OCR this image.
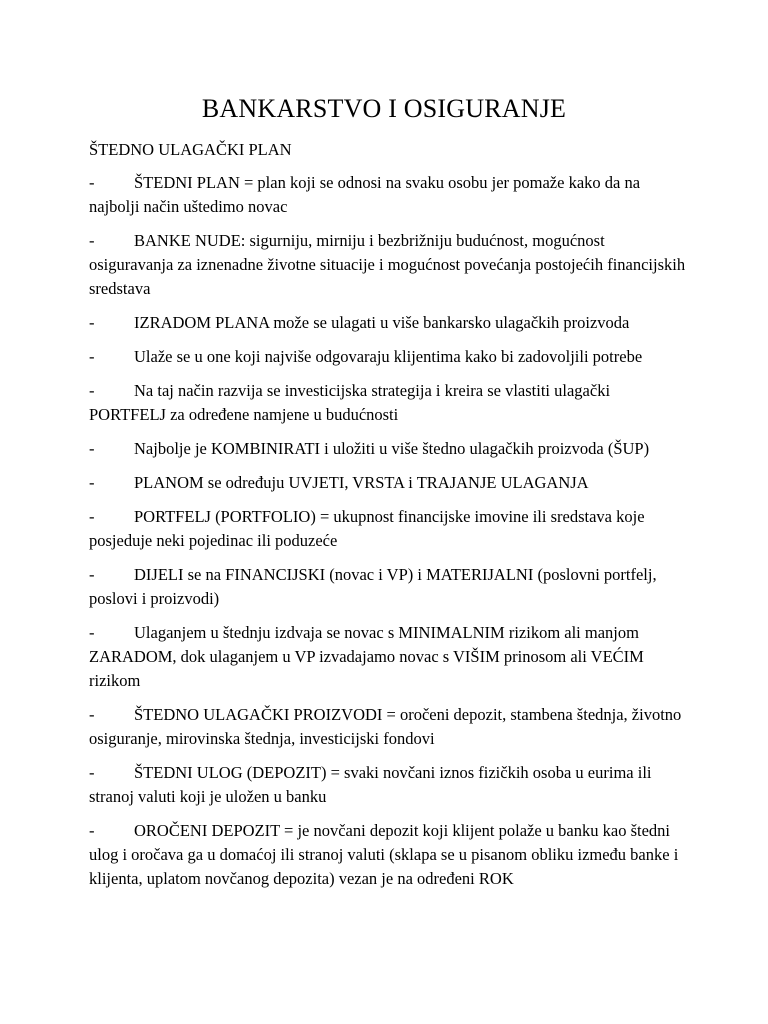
BANKARSTVO I OSIGURANJE
ŠTEDNO ULAGAČKI PLAN
- ŠTEDNI PLAN = plan koji se odnosi na svaku osobu jer pomaže kako da na najbolji način uštedimo novac
- BANKE NUDE: sigurniju, mirniju i bezbrižniju budućnost, mogućnost osiguravanja za iznenadne životne situacije i mogućnost povećanja postojećih financijskih sredstava
- IZRADOM PLANA može se ulagati u više bankarsko ulagačkih proizvoda
- Ulaže se u one koji najviše odgovaraju klijentima kako bi zadovoljili potrebe
- Na taj način razvija se investicijska strategija i kreira se vlastiti ulagački PORTFELJ za određene namjene u budućnosti
- Najbolje je KOMBINIRATI i uložiti u više štedno ulagačkih proizvoda (ŠUP)
- PLANOM se određuju UVJETI, VRSTA i TRAJANJE ULAGANJA
- PORTFELJ (PORTFOLIO) = ukupnost financijske imovine ili sredstava koje posjeduje neki pojedinac ili poduzeće
- DIJELI se na FINANCIJSKI (novac i VP) i MATERIJALNI (poslovni portfelj, poslovi i proizvodi)
- Ulaganjem u štednju izdvaja se novac s MINIMALNIM rizikom ali manjom ZARADOM, dok ulaganjem u VP izvadajamo novac s VIŠIM prinosom ali VEĆIM rizikom
- ŠTEDNO ULAGAČKI PROIZVODI = oročeni depozit, stambena štednja, životno osiguranje, mirovinska štednja, investicijski fondovi
- ŠTEDNI ULOG (DEPOZIT) = svaki novčani iznos fizičkih osoba u eurima ili stranoj valuti koji je uložen u banku
- OROČENI DEPOZIT = je novčani depozit koji klijent polaže u banku kao štedni ulog i oročava ga u domaćoj ili stranoj valuti (sklapa se u pisanom obliku između banke i klijenta, uplatom novčanog depozita) vezan je na određeni ROK
